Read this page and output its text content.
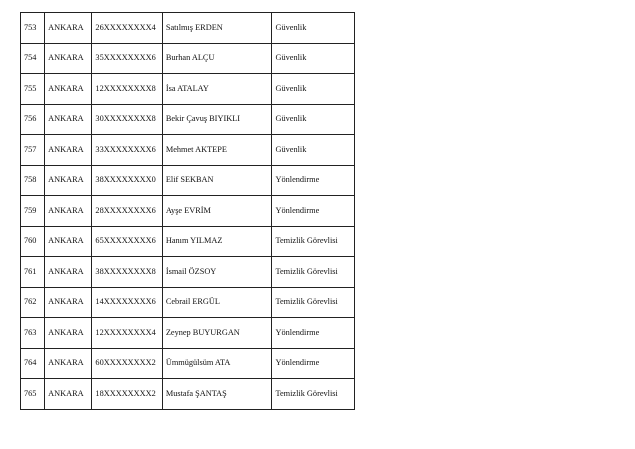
753	ANKARA	26XXXXXXXX4	Satılmış ERDEN	Güvenlik
754	ANKARA	35XXXXXXXX6	Burhan ALÇU	Güvenlik
755	ANKARA	12XXXXXXXX8	İsa ATALAY	Güvenlik
756	ANKARA	30XXXXXXXX8	Bekir Çavuş BIYIKLI	Güvenlik
757	ANKARA	33XXXXXXXX6	Mehmet AKTEPE	Güvenlik
758	ANKARA	38XXXXXXXX0	Elif SEKBAN	Yönlendirme
759	ANKARA	28XXXXXXXX6	Ayşe EVRİM	Yönlendirme
760	ANKARA	65XXXXXXXX6	Hanım YILMAZ	Temizlik Görevlisi
761	ANKARA	38XXXXXXXX8	İsmail ÖZSOY	Temizlik Görevlisi
762	ANKARA	14XXXXXXXX6	Cebrail ERGÜL	Temizlik Görevlisi
763	ANKARA	12XXXXXXXX4	Zeynep BUYURGAN	Yönlendirme
764	ANKARA	60XXXXXXXX2	Ümmügülsüm ATA	Yönlendirme
765	ANKARA	18XXXXXXXX2	Mustafa ŞANTAŞ	Temizlik Görevlisi
